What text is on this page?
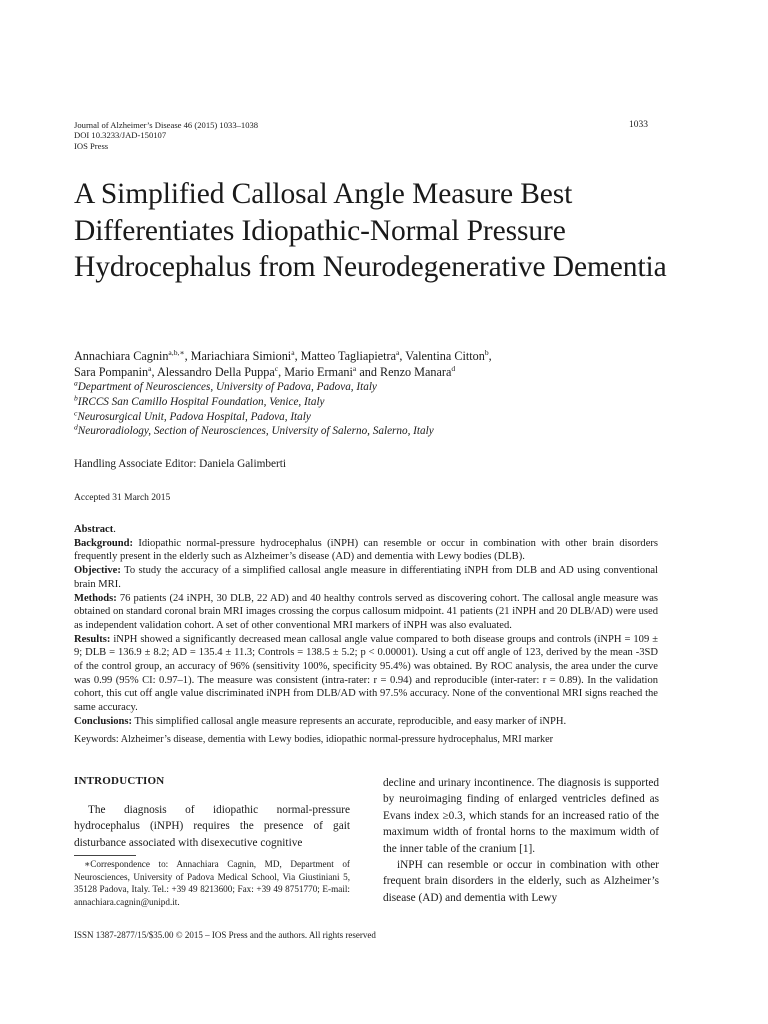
Journal of Alzheimer’s Disease 46 (2015) 1033–1038
DOI 10.3233/JAD-150107
IOS Press
1033
A Simplified Callosal Angle Measure Best Differentiates Idiopathic-Normal Pressure Hydrocephalus from Neurodegenerative Dementia
Annachiara Cagnin$^{a,b,∗}$, Mariachiara Simioni$^a$, Matteo Tagliapietra$^a$, Valentina Citton$^b$,
Sara Pompanin$^a$, Alessandro Della Puppa$^c$, Mario Ermani$^a$ and Renzo Manara$^d$
$^a$Department of Neurosciences, University of Padova, Padova, Italy
$^b$IRCCS San Camillo Hospital Foundation, Venice, Italy
$^c$Neurosurgical Unit, Padova Hospital, Padova, Italy
$^d$Neuroradiology, Section of Neurosciences, University of Salerno, Salerno, Italy
Handling Associate Editor: Daniela Galimberti
Accepted 31 March 2015
Abstract.
Background: Idiopathic normal-pressure hydrocephalus (iNPH) can resemble or occur in combination with other brain disorders frequently present in the elderly such as Alzheimer’s disease (AD) and dementia with Lewy bodies (DLB).
Objective: To study the accuracy of a simplified callosal angle measure in differentiating iNPH from DLB and AD using conventional brain MRI.
Methods: 76 patients (24 iNPH, 30 DLB, 22 AD) and 40 healthy controls served as discovering cohort. The callosal angle measure was obtained on standard coronal brain MRI images crossing the corpus callosum midpoint. 41 patients (21 iNPH and 20 DLB/AD) were used as independent validation cohort. A set of other conventional MRI markers of iNPH was also evaluated.
Results: iNPH showed a significantly decreased mean callosal angle value compared to both disease groups and controls (iNPH = 109 ± 9; DLB = 136.9 ± 8.2; AD = 135.4 ± 11.3; Controls = 138.5 ± 5.2; p < 0.00001). Using a cut off angle of 123, derived by the mean -3SD of the control group, an accuracy of 96% (sensitivity 100%, specificity 95.4%) was obtained. By ROC analysis, the area under the curve was 0.99 (95% CI: 0.97–1). The measure was consistent (intra-rater: r = 0.94) and reproducible (inter-rater: r = 0.89). In the validation cohort, this cut off angle value discriminated iNPH from DLB/AD with 97.5% accuracy. None of the conventional MRI signs reached the same accuracy.
Conclusions: This simplified callosal angle measure represents an accurate, reproducible, and easy marker of iNPH.
Keywords: Alzheimer’s disease, dementia with Lewy bodies, idiopathic normal-pressure hydrocephalus, MRI marker
INTRODUCTION

The diagnosis of idiopathic normal-pressure hydrocephalus (iNPH) requires the presence of gait disturbance associated with disexecutive cognitive

decline and urinary incontinence. The diagnosis is supported by neuroimaging finding of enlarged ventricles defined as Evans index ≥0.3, which stands for an increased ratio of the maximum width of frontal horns to the maximum width of the inner table of the cranium [1].

iNPH can resemble or occur in combination with other frequent brain disorders in the elderly, such as Alzheimer’s disease (AD) and dementia with Lewy

∗Correspondence to: Annachiara Cagnin, MD, Department of Neurosciences, University of Padova Medical School, Via Giustiniani 5, 35128 Padova, Italy. Tel.: +39 49 8213600; Fax: +39 49 8751770; E-mail: annachiara.cagnin@unipd.it.
ISSN 1387-2877/15/$35.00 © 2015 – IOS Press and the authors. All rights reserved
